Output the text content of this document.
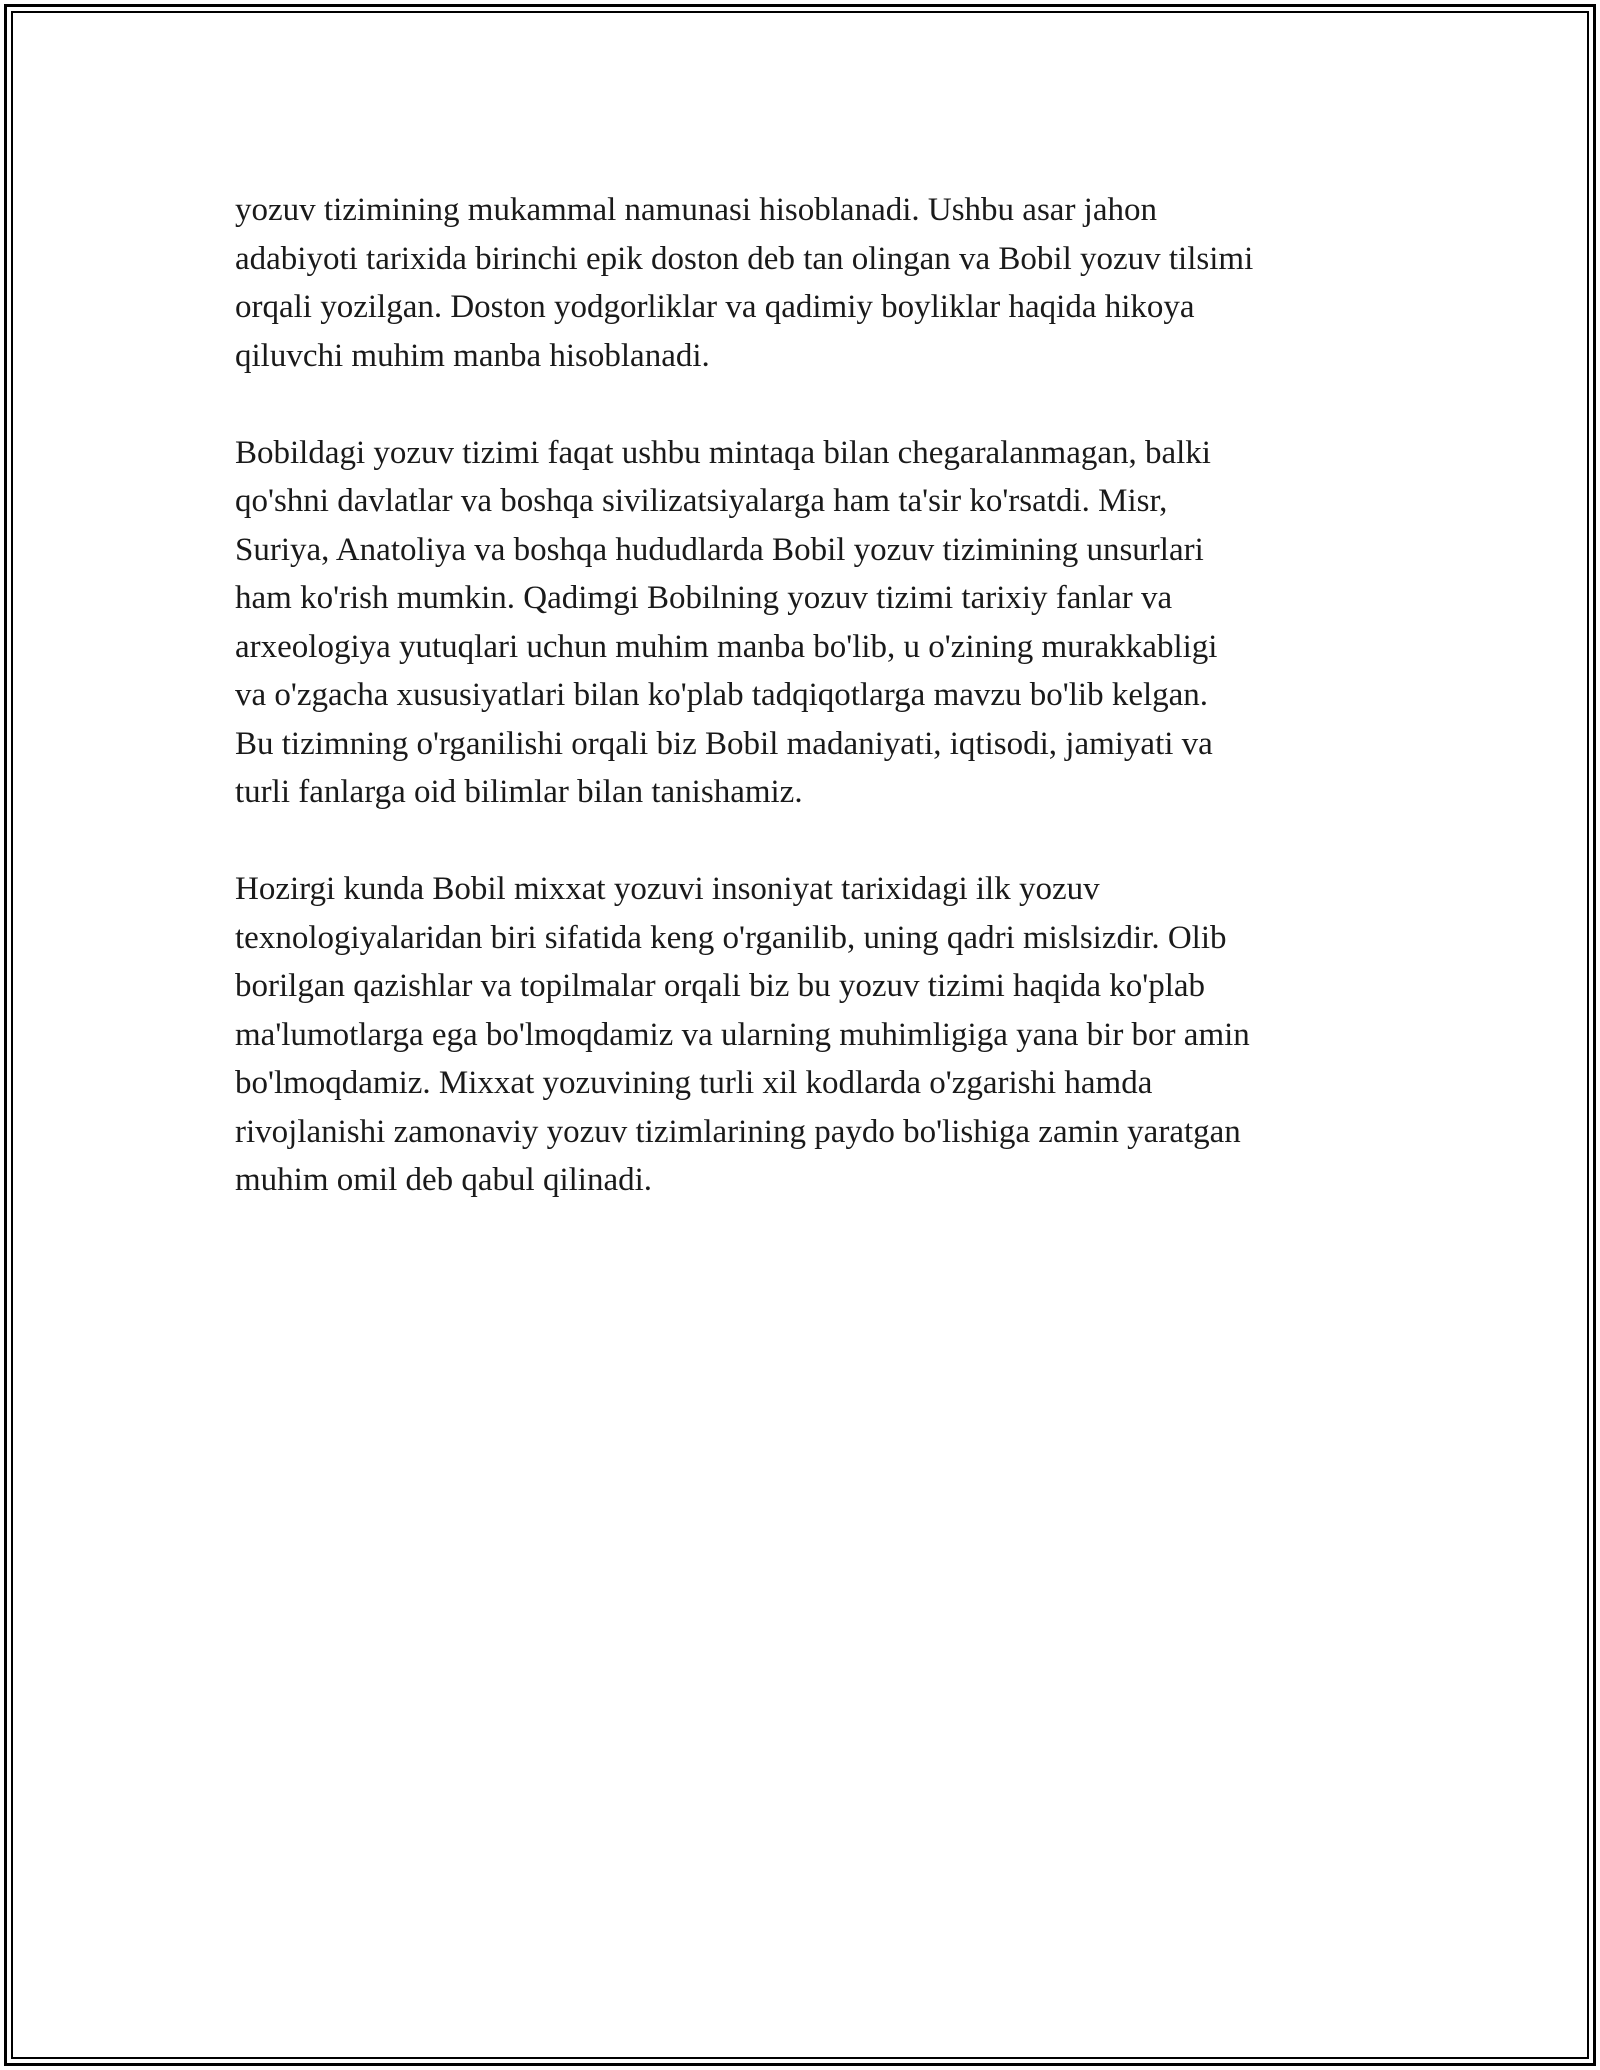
yozuv tizimining mukammal namunasi hisoblanadi. Ushbu asar jahon
adabiyoti tarixida birinchi epik doston deb tan olingan va Bobil yozuv tilsimi
orqali yozilgan. Doston yodgorliklar va qadimiy boyliklar haqida hikoya
qiluvchi muhim manba hisoblanadi.

Bobildagi yozuv tizimi faqat ushbu mintaqa bilan chegaralanmagan, balki
qo'shni davlatlar va boshqa sivilizatsiyalarga ham ta'sir ko'rsatdi. Misr,
Suriya, Anatoliya va boshqa hududlarda Bobil yozuv tizimining unsurlari
ham ko'rish mumkin. Qadimgi Bobilning yozuv tizimi tarixiy fanlar va
arxeologiya yutuqlari uchun muhim manba bo'lib, u o'zining murakkabligi
va o'zgacha xususiyatlari bilan ko'plab tadqiqotlarga mavzu bo'lib kelgan.
Bu tizimning o'rganilishi orqali biz Bobil madaniyati, iqtisodi, jamiyati va
turli fanlarga oid bilimlar bilan tanishamiz.

Hozirgi kunda Bobil mixxat yozuvi insoniyat tarixidagi ilk yozuv
texnologiyalaridan biri sifatida keng o'rganilib, uning qadri mislsizdir. Olib
borilgan qazishlar va topilmalar orqali biz bu yozuv tizimi haqida ko'plab
ma'lumotlarga ega bo'lmoqdamiz va ularning muhimligiga yana bir bor amin
bo'lmoqdamiz. Mixxat yozuvining turli xil kodlarda o'zgarishi hamda
rivojlanishi zamonaviy yozuv tizimlarining paydo bo'lishiga zamin yaratgan
muhim omil deb qabul qilinadi.
